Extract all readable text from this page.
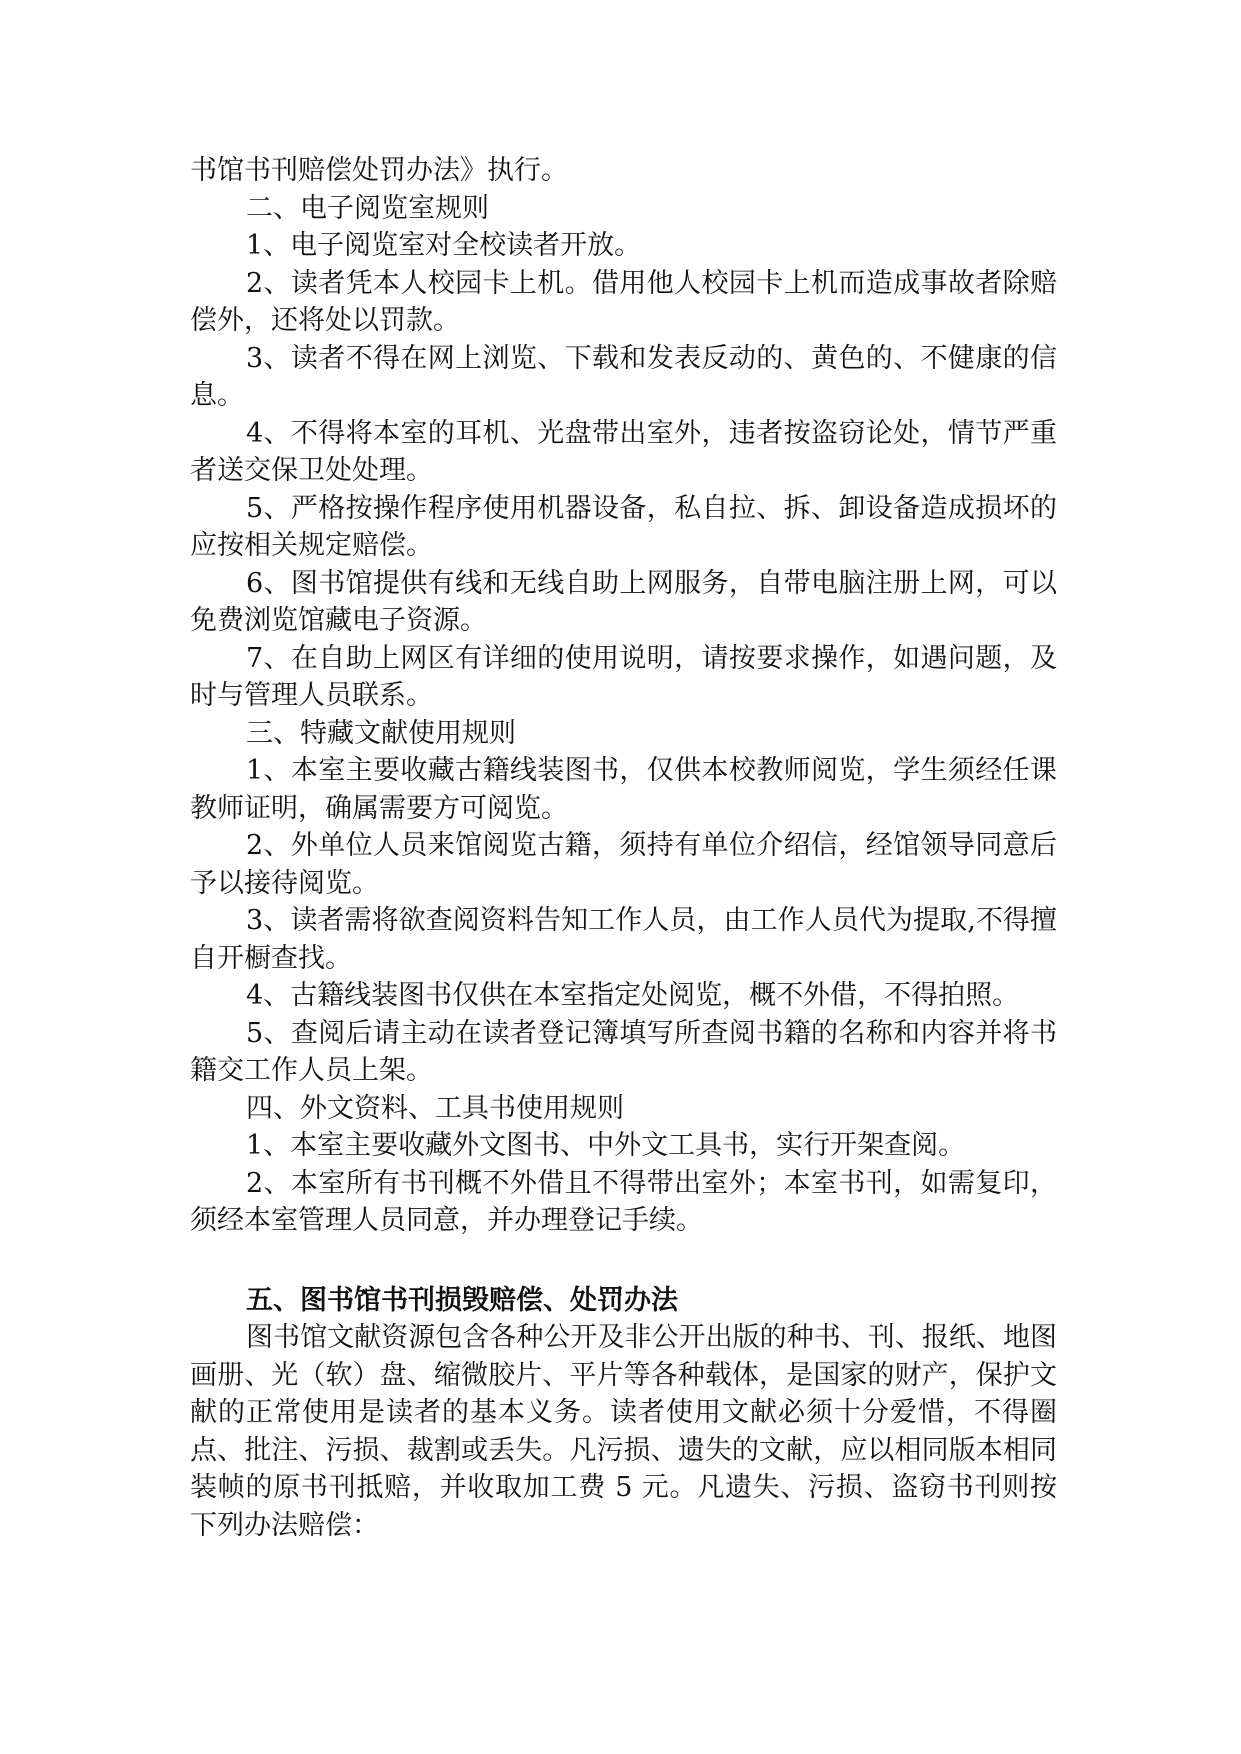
书馆书刊赔偿处罚办法》执行。

二、电子阅览室规则

1、电子阅览室对全校读者开放。

2、读者凭本人校园卡上机。借用他人校园卡上机而造成事故者除赔偿外，还将处以罚款。

3、读者不得在网上浏览、下载和发表反动的、黄色的、不健康的信息。

4、不得将本室的耳机、光盘带出室外，违者按盗窃论处，情节严重者送交保卫处处理。

5、严格按操作程序使用机器设备，私自拉、拆、卸设备造成损坏的应按相关规定赔偿。

6、图书馆提供有线和无线自助上网服务，自带电脑注册上网，可以免费浏览馆藏电子资源。

7、在自助上网区有详细的使用说明，请按要求操作，如遇问题，及时与管理人员联系。

三、特藏文献使用规则

1、本室主要收藏古籍线装图书，仅供本校教师阅览，学生须经任课教师证明，确属需要方可阅览。

2、外单位人员来馆阅览古籍，须持有单位介绍信，经馆领导同意后予以接待阅览。

3、读者需将欲查阅资料告知工作人员，由工作人员代为提取,不得擅自开橱查找。

4、古籍线装图书仅供在本室指定处阅览，概不外借，不得拍照。

5、查阅后请主动在读者登记簿填写所查阅书籍的名称和内容并将书籍交工作人员上架。

四、外文资料、工具书使用规则

1、本室主要收藏外文图书、中外文工具书，实行开架查阅。

2、本室所有书刊概不外借且不得带出室外；本室书刊，如需复印，须经本室管理人员同意，并办理登记手续。

五、图书馆书刊损毁赔偿、处罚办法

图书馆文献资源包含各种公开及非公开出版的种书、刊、报纸、地图画册、光（软）盘、缩微胶片、平片等各种载体，是国家的财产，保护文献的正常使用是读者的基本义务。读者使用文献必须十分爱惜，不得圈点、批注、污损、裁割或丢失。凡污损、遗失的文献，应以相同版本相同装帧的原书刊抵赔，并收取加工费 5 元。凡遗失、污损、盗窃书刊则按下列办法赔偿：
